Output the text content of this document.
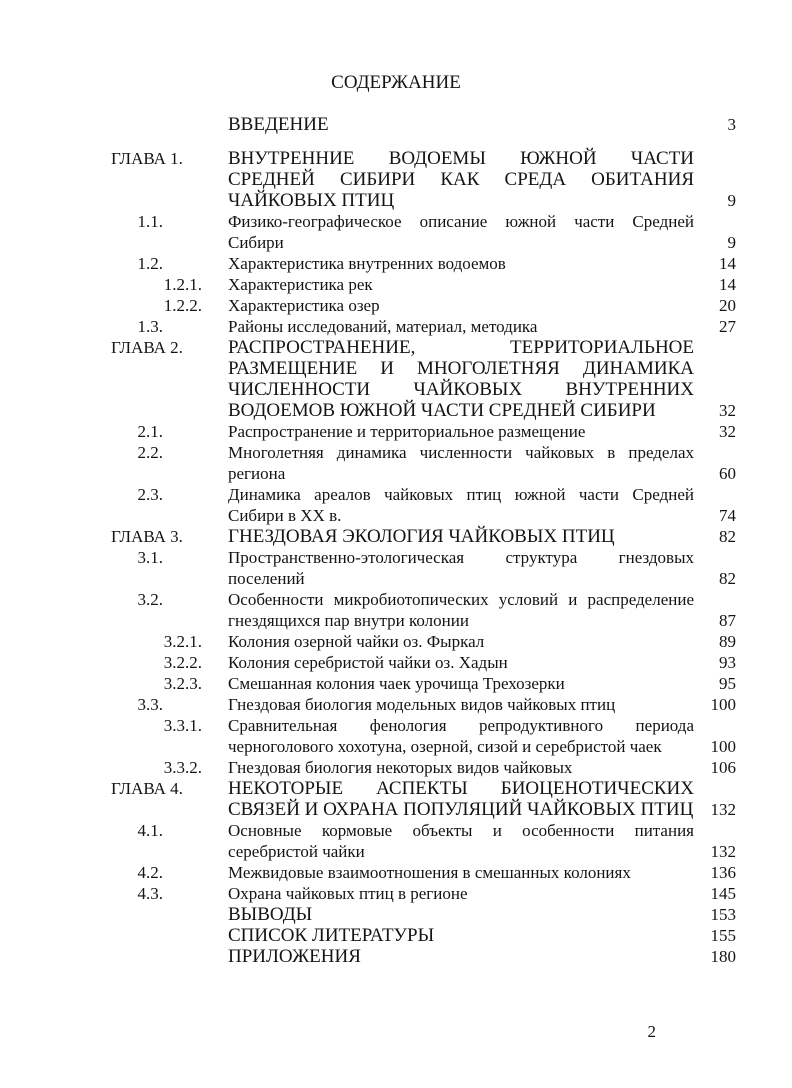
СОДЕРЖАНИЕ
ВВЕДЕНИЕ	3
ГЛАВА 1.	ВНУТРЕННИЕ ВОДОЕМЫ ЮЖНОЙ ЧАСТИ СРЕДНЕЙ СИБИРИ КАК СРЕДА ОБИТАНИЯ ЧАЙКОВЫХ ПТИЦ	9
1.1.	Физико-географическое описание южной части Средней Сибири	9
1.2.	Характеристика внутренних водоемов	14
1.2.1. Характеристика рек	14
1.2.2. Характеристика озер	20
1.3.	Районы исследований, материал, методика	27
ГЛАВА 2.	РАСПРОСТРАНЕНИЕ, ТЕРРИТОРИАЛЬНОЕ РАЗМЕЩЕНИЕ И МНОГОЛЕТНЯЯ ДИНАМИКА ЧИСЛЕННОСТИ ЧАЙКОВЫХ ВНУТРЕННИХ ВОДОЕМОВ ЮЖНОЙ ЧАСТИ СРЕДНЕЙ СИБИРИ	32
2.1.	Распространение и территориальное размещение	32
2.2.	Многолетняя динамика численности чайковых в пределах региона	60
2.3.	Динамика ареалов чайковых птиц южной части Средней Сибири в XX в.	74
ГЛАВА 3.	ГНЕЗДОВАЯ ЭКОЛОГИЯ ЧАЙКОВЫХ ПТИЦ	82
3.1.	Пространственно-этологическая структура гнездовых поселений	82
3.2.	Особенности микробиотопических условий и распределение гнездящихся пар внутри колонии	87
3.2.1. Колония озерной чайки оз. Фыркал	89
3.2.2. Колония серебристой чайки оз. Хадын	93
3.2.3. Смешанная колония чаек урочища Трехозерки	95
3.3.	Гнездовая биология модельных видов чайковых птиц	100
3.3.1. Сравнительная фенология репродуктивного периода черноголового хохотуна, озерной, сизой и серебристой чаек	100
3.3.2. Гнездовая биология некоторых видов чайковых	106
ГЛАВА 4.	НЕКОТОРЫЕ АСПЕКТЫ БИОЦЕНОТИЧЕСКИХ СВЯЗЕЙ И ОХРАНА ПОПУЛЯЦИЙ ЧАЙКОВЫХ ПТИЦ 132
4.1.	Основные кормовые объекты и особенности питания серебристой чайки	132
4.2.	Межвидовые взаимоотношения в смешанных колониях	136
4.3.	Охрана чайковых птиц в регионе	145
ВЫВОДЫ	153
СПИСОК ЛИТЕРАТУРЫ	155
ПРИЛОЖЕНИЯ	180
2
